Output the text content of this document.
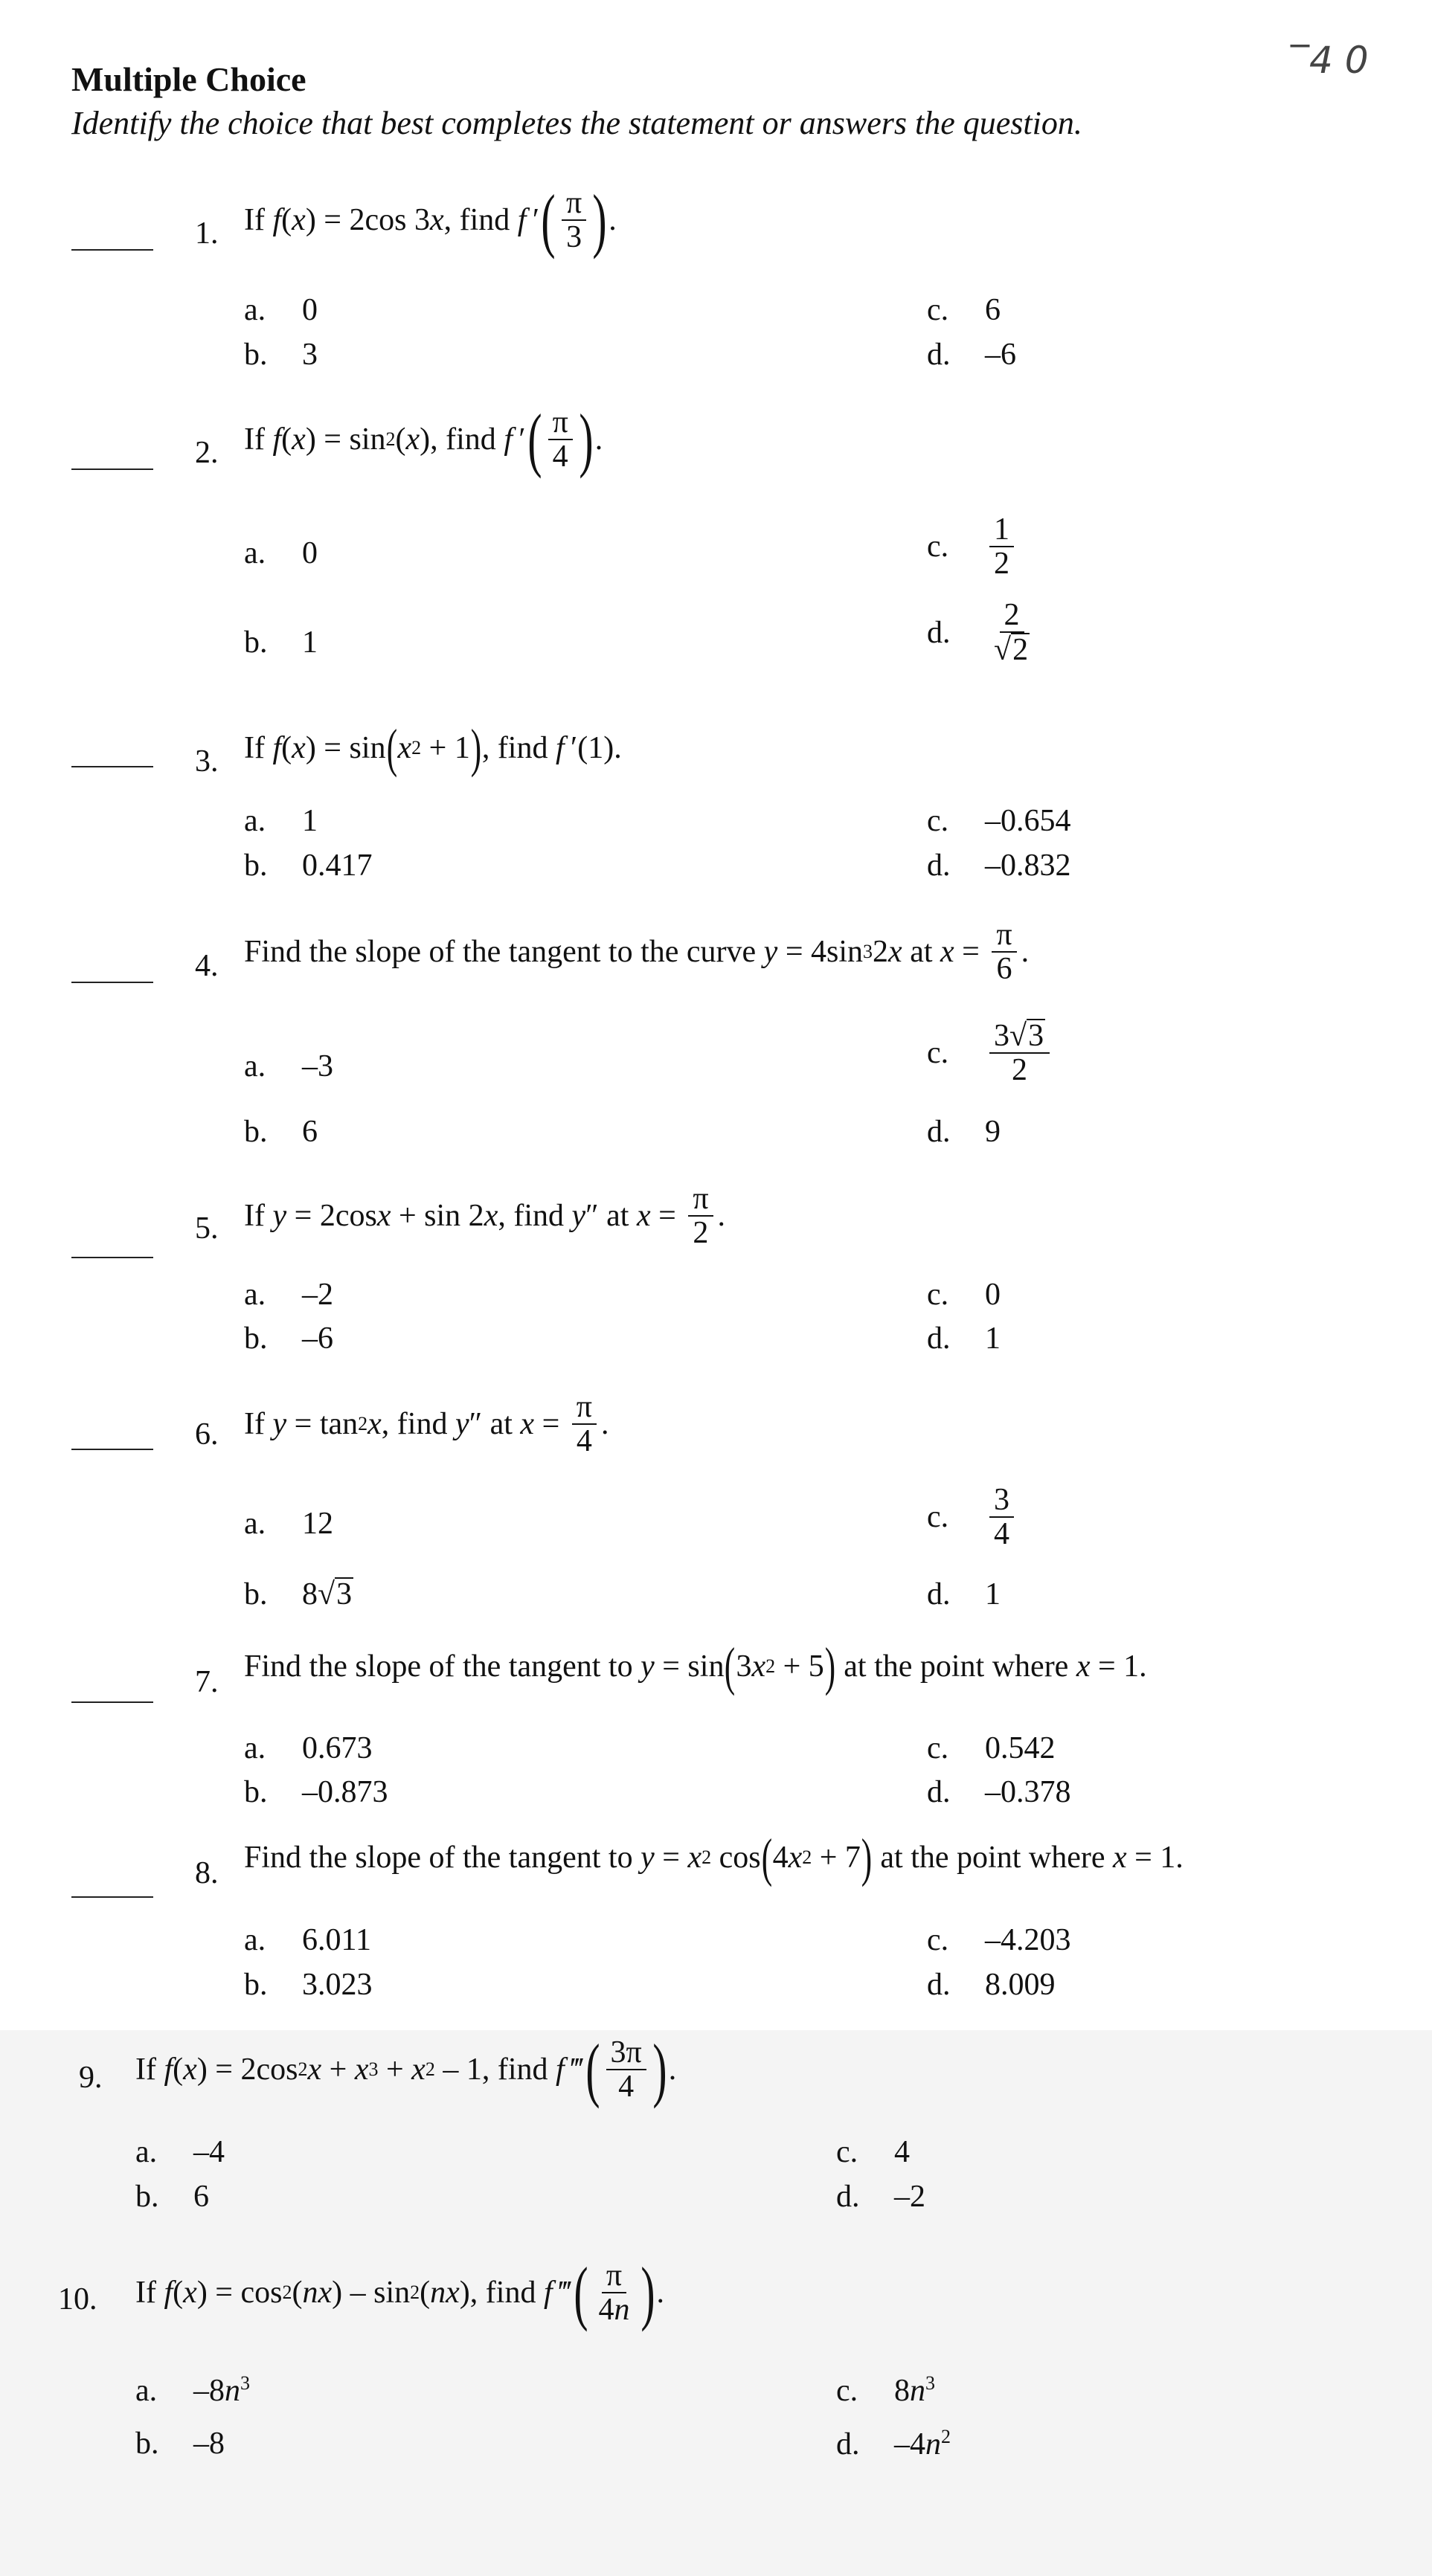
Multiple Choice
Identify the choice that best completes the statement or answers the question.
̅4 0
1. If f ( x ) = 2cos 3 x , find f  ′ ( $\frac{\pi}{3}$ ) .
a.	0
b.	3
c.	6
d.	–6
2. If f ( x ) = sin 2 ( x ), find f  ′ ( $\frac{\pi}{4}$ ) .
a.	0
b.	1
c.	$\frac{1}{2}$
d.	$\frac{2}{√2}$
3. If f ( x ) = sin ( x 2 + 1 ) , find f  ′(1).
a.	1
b.	0.417
c.	–0.654
d.	–0.832
4. Find the slope of the tangent to the curve y = 4sin 3 2 x at $x = \frac{\pi}{6}$ .
a.	–3
b.	6
c.	$\frac{3√3}{2}$
d.	9
5. If y = 2cos x + sin 2 x , find y ″ at $x = \frac{\pi}{2}$ .
a.	–2
b.	–6
c.	0
d.	1
6. If y = tan 2 x , find y ″ at $x = \frac{\pi}{4}$ .
a.	12
b.	8√3
c.	$\frac{3}{4}$
d.	1
7. Find the slope of the tangent to y = sin ( 3 x 2 + 5 ) at the point where x = 1.
a.	0.673
b.	–0.873
c.	0.542
d.	–0.378
8. Find the slope of the tangent to y = x 2 cos ( 4 x 2 + 7 ) at the point where x = 1.
a.	6.011
b.	3.023
c.	–4.203
d.	8.009
9. If f ( x ) = 2cos 2 x + x 3 + x 2 – 1, find f  ‴ ( $\frac{3\pi}{4}$ ) .
a.	–4
b.	6
c.	4
d.	–2
10. If f ( x ) = cos 2 ( nx ) – sin 2 ( nx ), find f  ‴ ( $\frac{\pi}{4n}$ ) .
a.	$-8n^3$
b.	–8
c.	$8n^3$
d.	$-4n^2$
